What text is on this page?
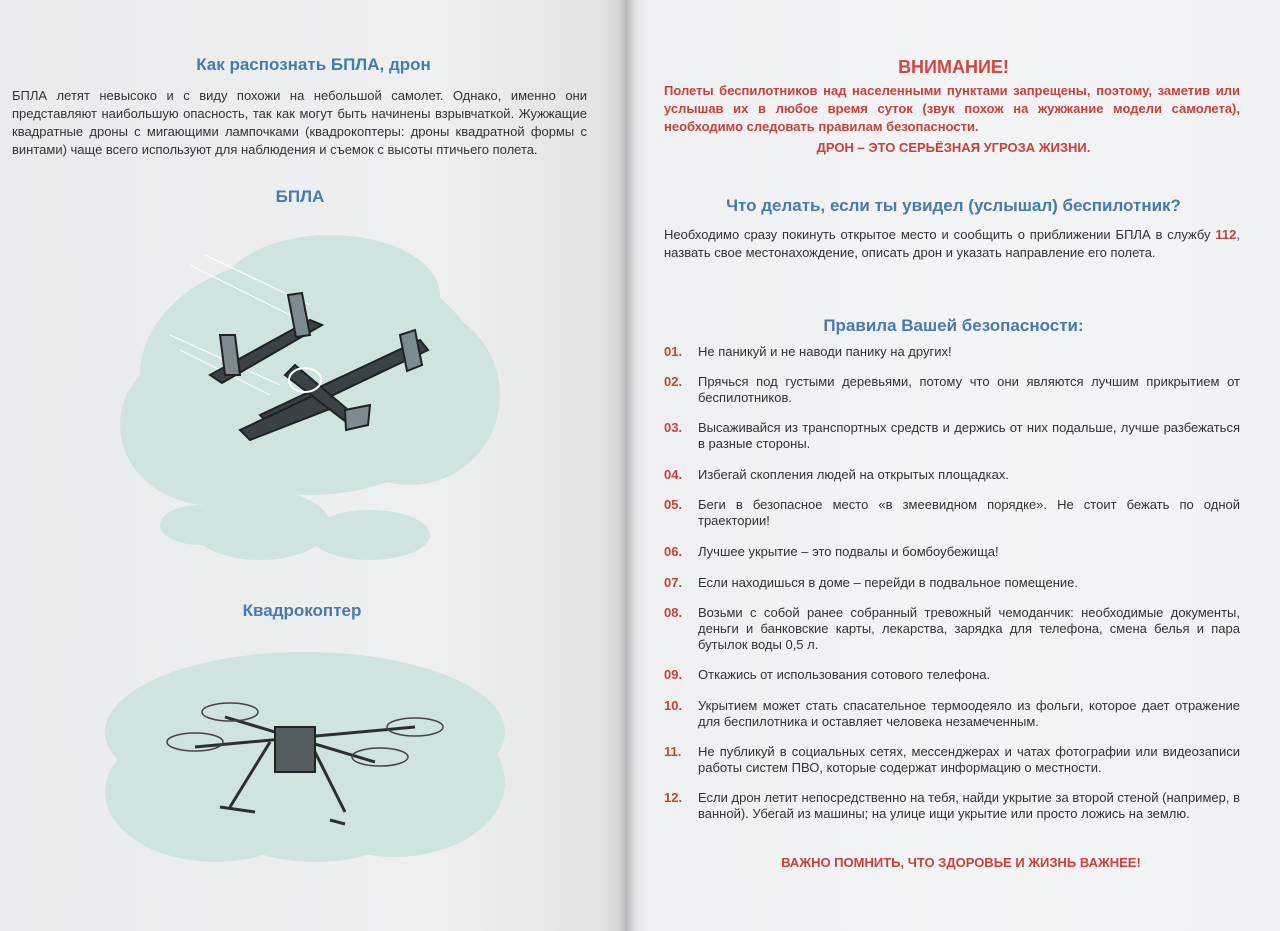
Как распознать БПЛА, дрон
БПЛА летят невысоко и с виду похожи на небольшой самолет. Однако, именно они представляют наибольшую опасность, так как могут быть начинены взрывчаткой. Жужжащие квадратные дроны с мигающими лампочками (квадрокоптеры: дроны квадратной формы с винтами) чаще всего используют для наблюдения и съемок с высоты птичьего полета.
БПЛА
Квадрокоптер
ВНИМАНИЕ!
Полеты беспилотников над населенными пунктами запрещены, поэтому, заметив или услышав их в любое время суток (звук похож на жужжание модели самолета), необходимо следовать правилам безопасности.
ДРОН – ЭТО СЕРЬЁЗНАЯ УГРОЗА ЖИЗНИ.
Что делать, если ты увидел (услышал) беспилотник?
Необходимо сразу покинуть открытое место и сообщить о приближении БПЛА в службу 112, назвать свое местонахождение, описать дрон и указать направление его полета.
Правила Вашей безопасности:
01.	Не паникуй и не наводи панику на других!
02.	Прячься под густыми деревьями, потому что они являются лучшим прикрытием от беспилотников.
03.	Высаживайся из транспортных средств и держись от них подальше, лучше разбежаться в разные стороны.
04.	Избегай скопления людей на открытых площадках.
05.	Беги в безопасное место «в змеевидном порядке». Не стоит бежать по одной траектории!
06.	Лучшее укрытие – это подвалы и бомбоубежища!
07.	Если находишься в доме – перейди в подвальное помещение.
08.	Возьми с собой ранее собранный тревожный чемоданчик: необходимые документы, деньги и банковские карты, лекарства, зарядка для телефона, смена белья и пара бутылок воды 0,5 л.
09.	Откажись от использования сотового телефона.
10.	Укрытием может стать спасательное термоодеяло из фольги, которое дает отражение для беспилотника и оставляет человека незамеченным.
11.	Не публикуй в социальных сетях, мессенджерах и чатах фотографии или видеозаписи работы систем ПВО, которые содержат информацию о местности.
12.	Если дрон летит непосредственно на тебя, найди укрытие за второй стеной (например, в ванной). Убегай из машины; на улице ищи укрытие или просто ложись на землю.
ВАЖНО ПОМНИТЬ, ЧТО ЗДОРОВЬЕ И ЖИЗНЬ ВАЖНЕЕ!
